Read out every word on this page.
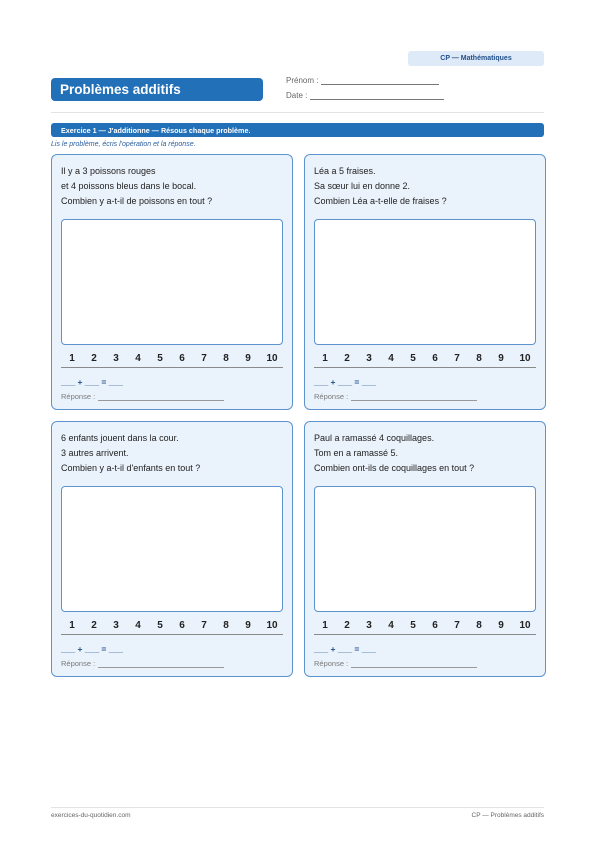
CP — Mathématiques
Problèmes additifs
Prénom :
Date :
Exercice 1 — J'additionne — Résous chaque problème.
Lis le problème, écris l'opération et la réponse.
Il y a 3 poissons rouges
et 4 poissons bleus dans le bocal.
Combien y a-t-il de poissons en tout ?
1	2	3	4	5	6	7	8	9	10
___ + ___ = ___
Réponse :
Léa a 5 fraises.
Sa sœur lui en donne 2.
Combien Léa a-t-elle de fraises ?
1	2	3	4	5	6	7	8	9	10
___ + ___ = ___
Réponse :
6 enfants jouent dans la cour.
3 autres arrivent.
Combien y a-t-il d'enfants en tout ?
1	2	3	4	5	6	7	8	9	10
___ + ___ = ___
Réponse :
Paul a ramassé 4 coquillages.
Tom en a ramassé 5.
Combien ont-ils de coquillages en tout ?
1	2	3	4	5	6	7	8	9	10
___ + ___ = ___
Réponse :
exercices-du-quotidien.com	CP — Problèmes additifs
